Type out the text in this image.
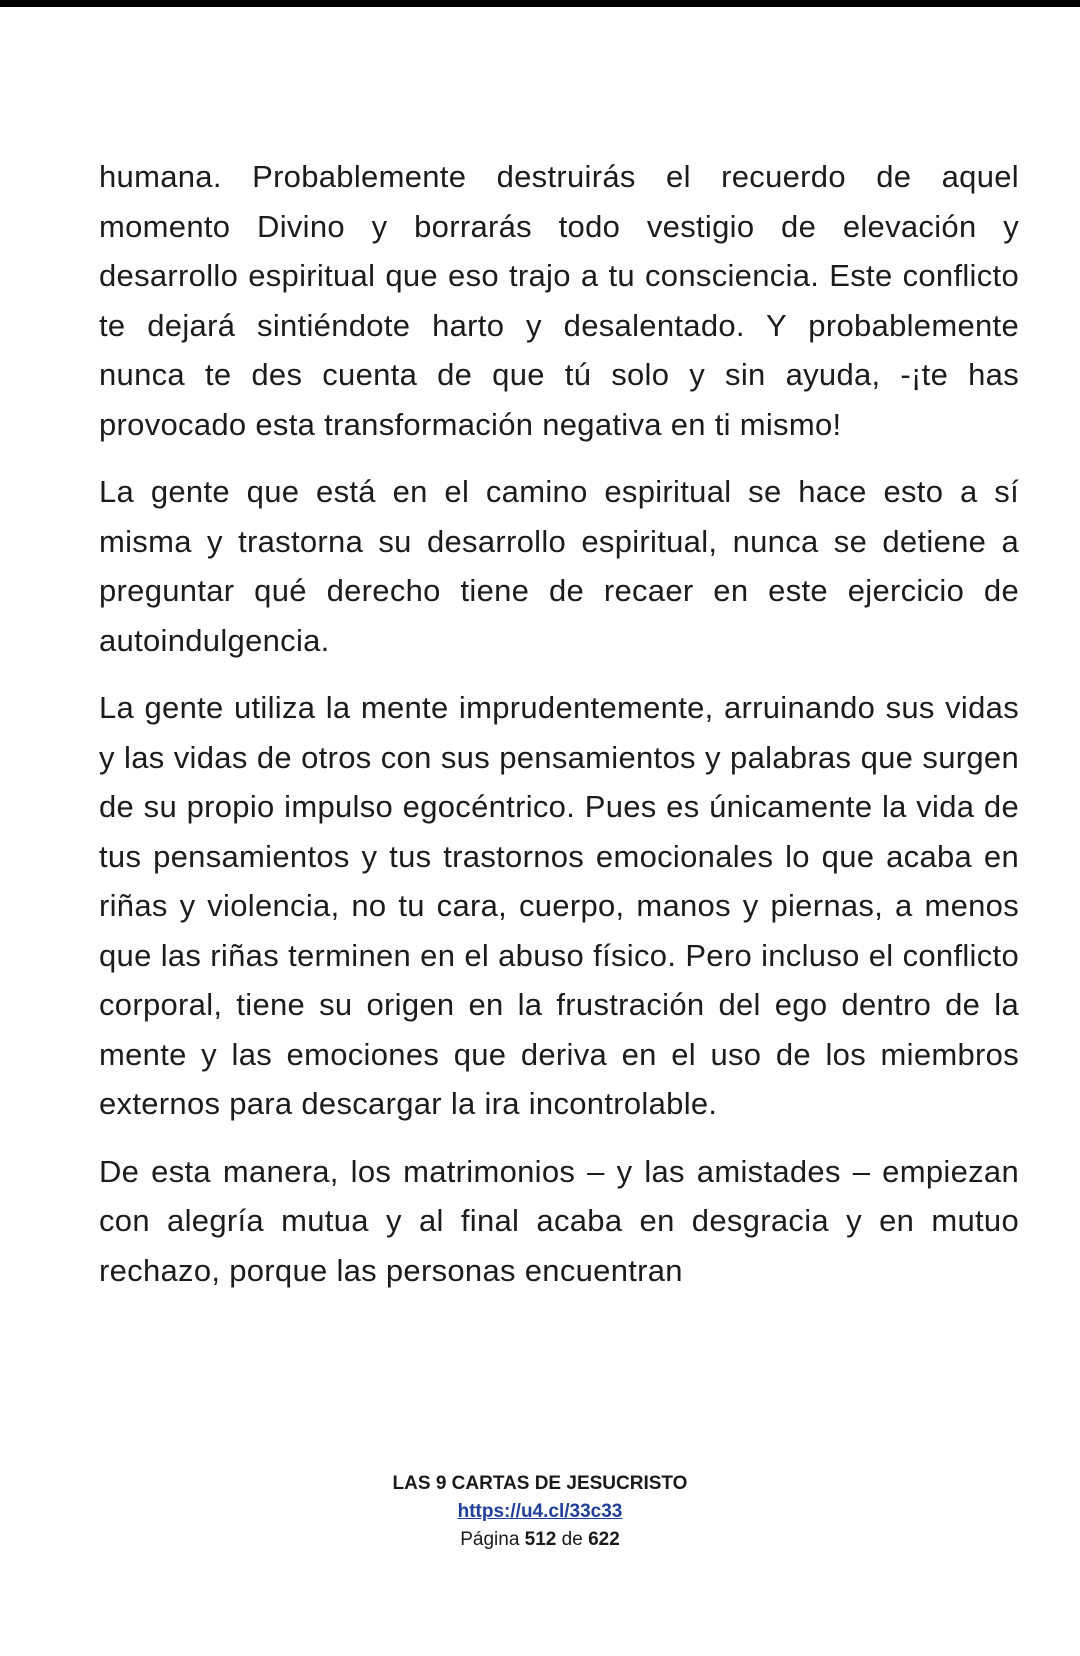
humana. Probablemente destruirás el recuerdo de aquel momento Divino y borrarás todo vestigio de elevación y desarrollo espiritual que eso trajo a tu consciencia. Este conflicto te dejará sintiéndote harto y desalentado. Y probablemente nunca te des cuenta de que tú solo y sin ayuda, -¡te has provocado esta transformación negativa en ti mismo!

La gente que está en el camino espiritual se hace esto a sí misma y trastorna su desarrollo espiritual, nunca se detiene a preguntar qué derecho tiene de recaer en este ejercicio de autoindulgencia.

La gente utiliza la mente imprudentemente, arruinando sus vidas y las vidas de otros con sus pensamientos y palabras que surgen de su propio impulso egocéntrico. Pues es únicamente la vida de tus pensamientos y tus trastornos emocionales lo que acaba en riñas y violencia, no tu cara, cuerpo, manos y piernas, a menos que las riñas terminen en el abuso físico. Pero incluso el conflicto corporal, tiene su origen en la frustración del ego dentro de la mente y las emociones que deriva en el uso de los miembros externos para descargar la ira incontrolable.

De esta manera, los matrimonios – y las amistades – empiezan con alegría mutua y al final acaba en desgracia y en mutuo rechazo, porque las personas encuentran

LAS 9 CARTAS DE JESUCRISTO
https://u4.cl/33c33
Página 512 de 622
